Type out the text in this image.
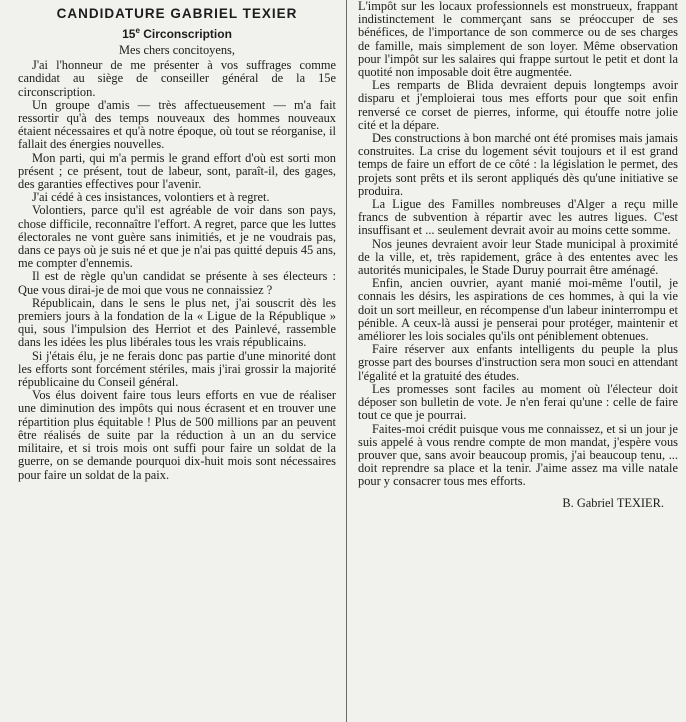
CANDIDATURE GABRIEL TEXIER
15e Circonscription
Mes chers concitoyens,

J'ai l'honneur de me présenter à vos suffrages comme candidat au siège de conseiller général de la 15e circonscription.

Un groupe d'amis — très affectueusement — m'a fait ressortir qu'à des temps nouveaux des hommes nouveaux étaient nécessaires et qu'à notre époque, où tout se réorganise, il fallait des énergies nouvelles.

Mon parti, qui m'a permis le grand effort d'où est sorti mon présent ; ce présent, tout de labeur, sont, paraît-il, des gages, des garanties effectives pour l'avenir.

J'ai cédé à ces insistances, volontiers et à regret.

Volontiers, parce qu'il est agréable de voir dans son pays, chose difficile, reconnaître l'effort. A regret, parce que les luttes électorales ne vont guère sans inimitiés, et je ne voudrais pas, dans ce pays où je suis né et que je n'ai pas quitté depuis 45 ans, me compter d'ennemis.

Il est de règle qu'un candidat se présente à ses électeurs : Que vous dirai-je de moi que vous ne connaissiez ?

Républicain, dans le sens le plus net, j'ai souscrit dès les premiers jours à la fondation de la « Ligue de la République » qui, sous l'impulsion des Herriot et des Painlevé, rassemble dans les idées les plus libérales tous les vrais républicains.

Si j'étais élu, je ne ferais donc pas partie d'une minorité dont les efforts sont forcément stériles, mais j'irai grossir la majorité républicaine du Conseil général.

Vos élus doivent faire tous leurs efforts en vue de réaliser une diminution des impôts qui nous écrasent et en trouver une répartition plus équitable ! Plus de 500 millions par an peuvent être réalisés de suite par la réduction à un an du service militaire, et si trois mois ont suffi pour faire un soldat de la guerre, on se demande pourquoi dix-huit mois sont nécessaires pour faire un soldat de la paix.

L'impôt sur les locaux professionnels est monstrueux, frappant indistinctement le commerçant sans se préoccuper de ses bénéfices, de l'importance de son commerce ou de ses charges de famille, mais simplement de son loyer. Même observation pour l'impôt sur les salaires qui frappe surtout le petit et dont la quotité non imposable doit être augmentée.

Les remparts de Blida devraient depuis longtemps avoir disparu et j'emploierai tous mes efforts pour que soit enfin renversé ce corset de pierres, informe, qui étouffe notre jolie cité et la dépare.

Des constructions à bon marché ont été promises mais jamais construites. La crise du logement sévit toujours et il est grand temps de faire un effort de ce côté : la législation le permet, des projets sont prêts et ils seront appliqués dès qu'une initiative se produira.

La Ligue des Familles nombreuses d'Alger a reçu mille francs de subvention à répartir avec les autres ligues. C'est insuffisant et ... seulement devrait avoir au moins cette somme.

Nos jeunes devraient avoir leur Stade municipal à proximité de la ville, et, très rapidement, grâce à des ententes avec les autorités municipales, le Stade Duruy pourrait être aménagé.

Enfin, ancien ouvrier, ayant manié moi-même l'outil, je connais les désirs, les aspirations de ces hommes, à qui la vie doit un sort meilleur, en récompense d'un labeur ininterrompu et pénible. A ceux-là aussi je penserai pour protéger, maintenir et améliorer les lois sociales qu'ils ont péniblement obtenues.

Faire réserver aux enfants intelligents du peuple la plus grosse part des bourses d'instruction sera mon souci en attendant l'égalité et la gratuité des études.

Les promesses sont faciles au moment où l'électeur doit déposer son bulletin de vote. Je n'en ferai qu'une : celle de faire tout ce que je pourrai.

Faites-moi crédit puisque vous me connaissez, et si un jour je suis appelé à vous rendre compte de mon mandat, j'espère vous prouver que, sans avoir beaucoup promis, j'ai beaucoup tenu, ... doit reprendre sa place et la tenir. J'aime assez ma ville natale pour y consacrer tous mes efforts.

B. Gabriel TEXIER.
